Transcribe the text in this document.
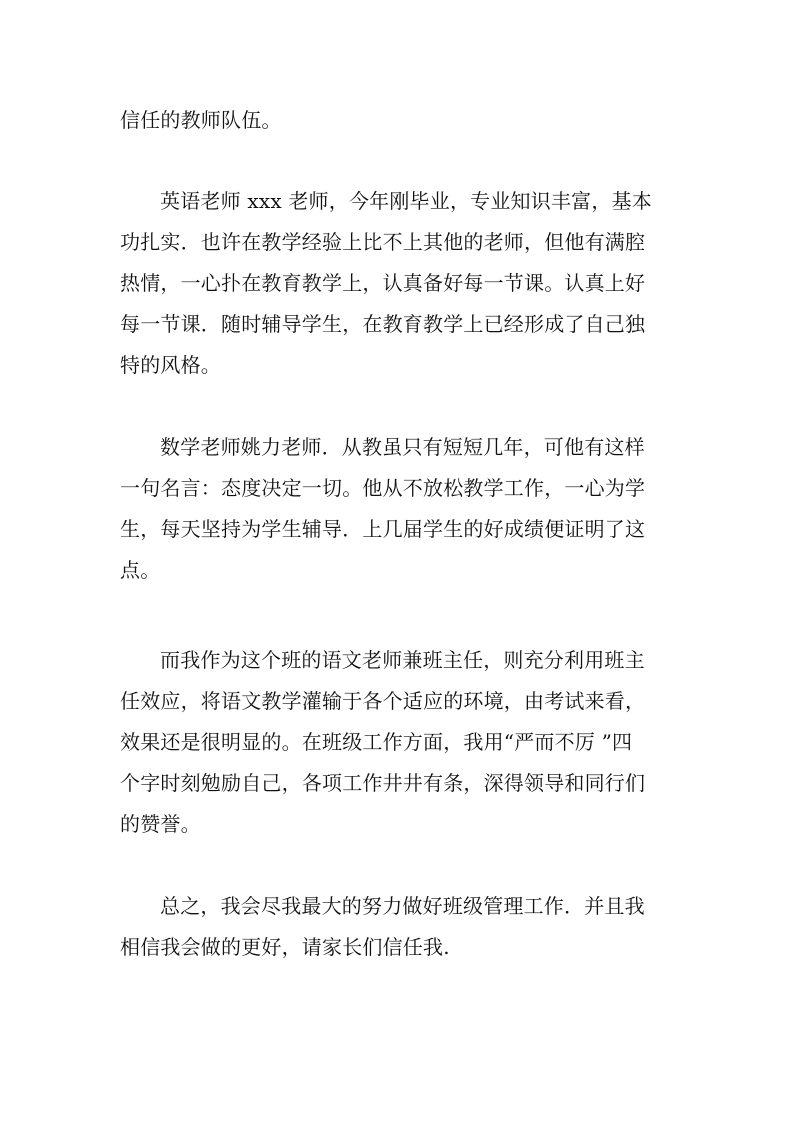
信任的教师队伍。
英语老师 xxx 老师，今年刚毕业，专业知识丰富，基本
功扎实．也许在教学经验上比不上其他的老师，但他有满腔
热情，一心扑在教育教学上，认真备好每一节课。认真上好
每一节课．随时辅导学生，在教育教学上已经形成了自己独
特的风格。
数学老师姚力老师．从教虽只有短短几年，可他有这样
一句名言：态度决定一切。他从不放松教学工作，一心为学
生，每天坚持为学生辅导．上几届学生的好成绩便证明了这
点。
而我作为这个班的语文老师兼班主任，则充分利用班主
任效应，将语文教学灌输于各个适应的环境，由考试来看，
效果还是很明显的。在班级工作方面，我用“严而不厉 ”四
个字时刻勉励自己，各项工作井井有条，深得领导和同行们
的赞誉。
总之，我会尽我最大的努力做好班级管理工作．并且我
相信我会做的更好，请家长们信任我.
